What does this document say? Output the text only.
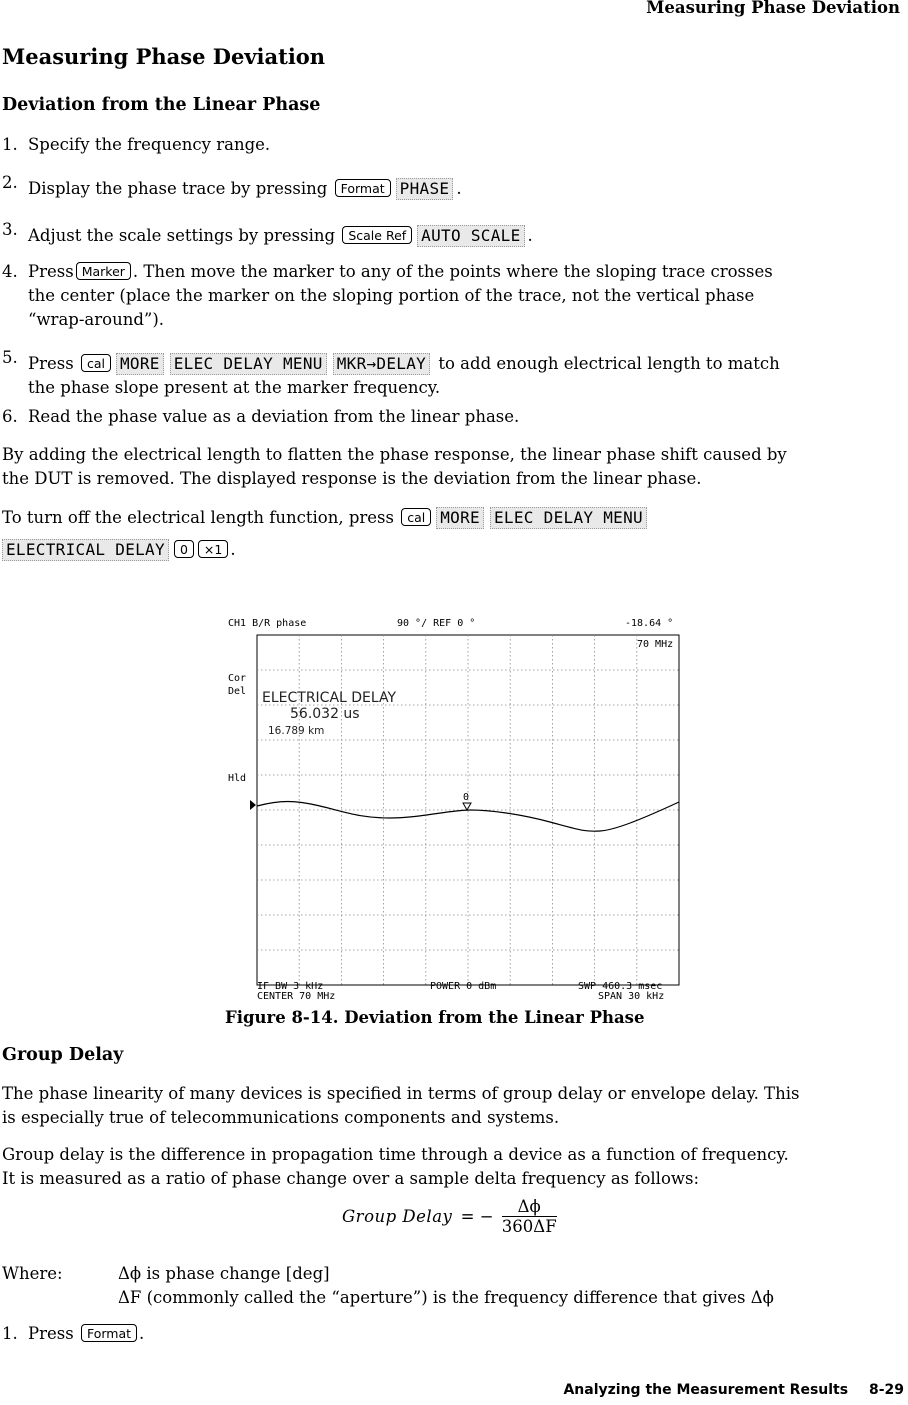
Measuring Phase Deviation
Measuring Phase Deviation
Deviation from the Linear Phase
1. Specify the frequency range.
2. Display the phase trace by pressing Format PHASE .
3. Adjust the scale settings by pressing Scale Ref AUTO SCALE .
4. Press Marker . Then move the marker to any of the points where the sloping trace crosses
the center (place the marker on the sloping portion of the trace, not the vertical phase
“wrap-around”).
5. Press cal MORE ELEC DELAY MENU MKR→DELAY to add enough electrical length to match
the phase slope present at the marker frequency.
6. Read the phase value as a deviation from the linear phase.
By adding the electrical length to flatten the phase response, the linear phase shift caused by
the DUT is removed. The displayed response is the deviation from the linear phase.
To turn off the electrical length function, press cal MORE ELEC DELAY MENU
ELECTRICAL DELAY 0 ×1 .
CH1 B/R phase	90 °/ REF 0 °	-18.64 °
Cor
Del
Hld
70 MHz
ELECTRICAL DELAY
56.032 us
16.789 km
0
IF BW 3 kHz	POWER 0 dBm	SWP 460.3 msec
CENTER 70 MHz	SPAN 30 kHz
Figure 8-14. Deviation from the Linear Phase
Group Delay
The phase linearity of many devices is specified in terms of group delay or envelope delay. This
is especially true of telecommunications components and systems.
Group delay is the difference in propagation time through a device as a function of frequency.
It is measured as a ratio of phase change over a sample delta frequency as follows:
Group Delay = − $\frac{\Delta\phi}{360\Delta F}$
Where:	Δϕ is phase change [deg]
ΔF (commonly called the “aperture”) is the frequency difference that gives Δϕ
1. Press Format .
Analyzing the Measurement Results 8-29
